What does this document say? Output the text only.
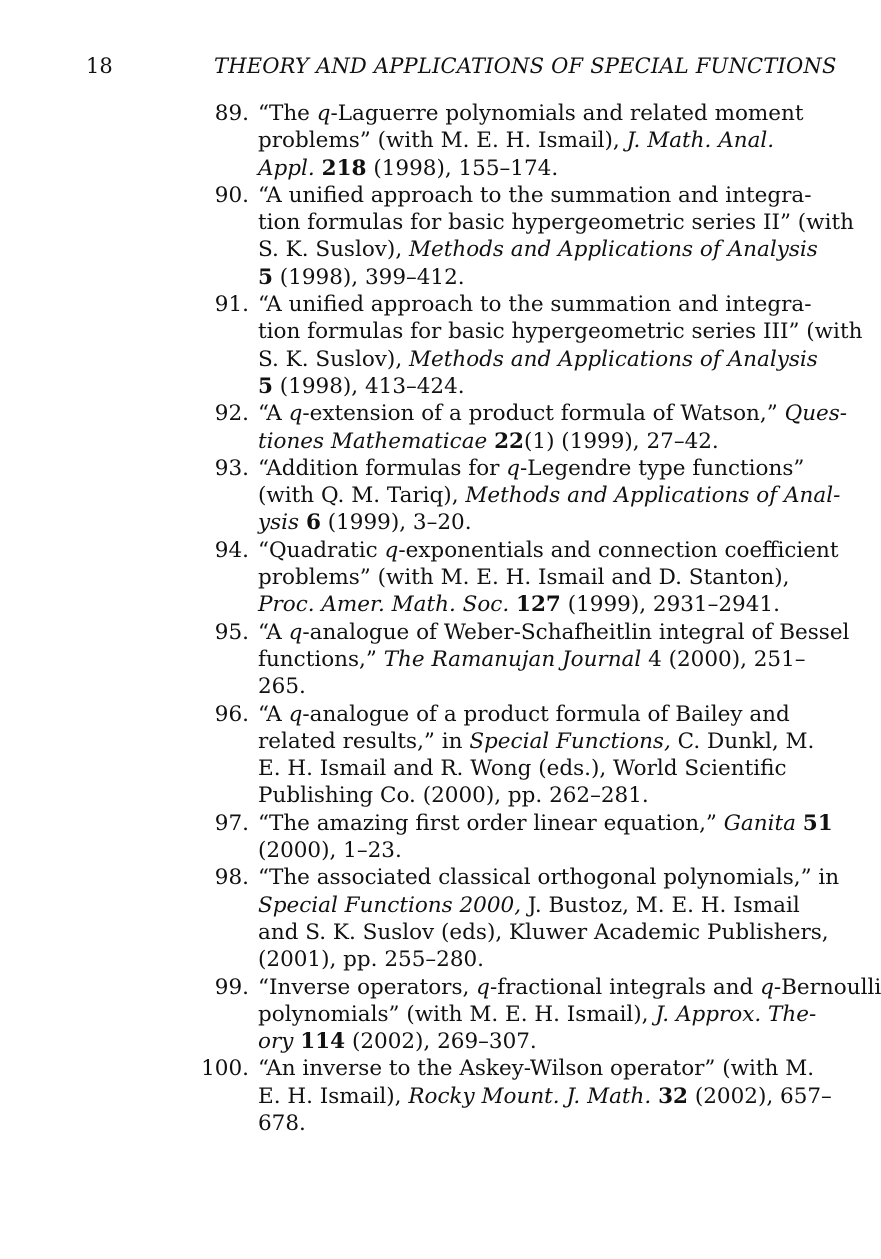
18	THEORY AND APPLICATIONS OF SPECIAL FUNCTIONS
89. “The q-Laguerre polynomials and related moment
problems” (with M. E. H. Ismail), J. Math. Anal.
Appl. 218 (1998), 155–174.
90. “A unified approach to the summation and integra-
tion formulas for basic hypergeometric series II” (with
S. K. Suslov), Methods and Applications of Analysis
5 (1998), 399–412.
91. “A unified approach to the summation and integra-
tion formulas for basic hypergeometric series III” (with
S. K. Suslov), Methods and Applications of Analysis
5 (1998), 413–424.
92. “A q-extension of a product formula of Watson,” Ques-
tiones Mathematicae 22(1) (1999), 27–42.
93. “Addition formulas for q-Legendre type functions”
(with Q. M. Tariq), Methods and Applications of Anal-
ysis 6 (1999), 3–20.
94. “Quadratic q-exponentials and connection coefficient
problems” (with M. E. H. Ismail and D. Stanton),
Proc. Amer. Math. Soc. 127 (1999), 2931–2941.
95. “A q-analogue of Weber-Schafheitlin integral of Bessel
functions,” The Ramanujan Journal 4 (2000), 251–
265.
96. “A q-analogue of a product formula of Bailey and
related results,” in Special Functions, C. Dunkl, M.
E. H. Ismail and R. Wong (eds.), World Scientific
Publishing Co. (2000), pp. 262–281.
97. “The amazing first order linear equation,” Ganita 51
(2000), 1–23.
98. “The associated classical orthogonal polynomials,” in
Special Functions 2000, J. Bustoz, M. E. H. Ismail
and S. K. Suslov (eds), Kluwer Academic Publishers,
(2001), pp. 255–280.
99. “Inverse operators, q-fractional integrals and q-Bernoulli
polynomials” (with M. E. H. Ismail), J. Approx. The-
ory 114 (2002), 269–307.
100. “An inverse to the Askey-Wilson operator” (with M.
E. H. Ismail), Rocky Mount. J. Math. 32 (2002), 657–
678.
